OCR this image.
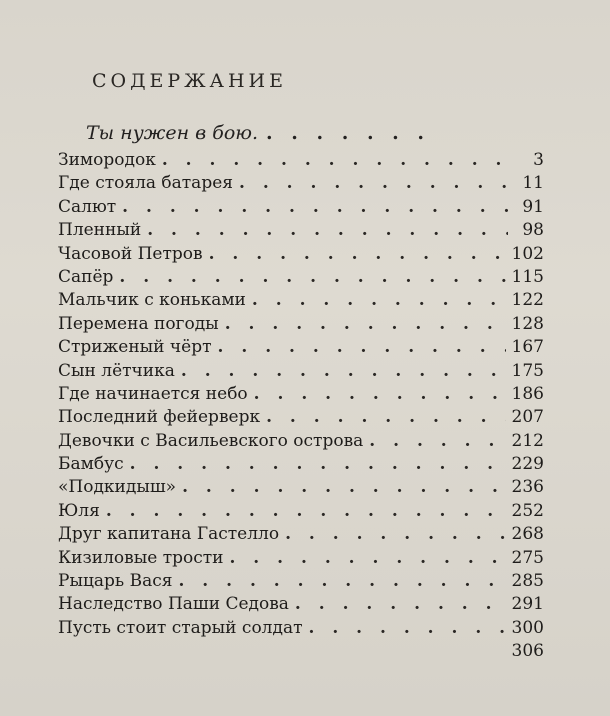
СОДЕРЖАНИЕ
Ты нужен в бою. . . . . . . .
Зимородок . . .	3
Где стояла батарея . . .	11
Салют . . .	91
Пленный . . .	98
Часовой Петров . . .	102
Сапёр . . .	115
Мальчик с коньками . . .	122
Перемена погоды . . .	128
Стриженый чёрт . . .	167
Сын лётчика . . .	175
Где начинается небо . . .	186
Последний фейерверк . . .	207
Девочки с Васильевского острова . . .	212
Бамбус . . .	229
«Подкидыш» . . .	236
Юля . . .	252
Друг капитана Гастелло . . .	268
Кизиловые трости . . .	275
Рыцарь Вася . . .	285
Наследство Паши Седова . . .	291
Пусть стоит старый солдат . . .	300
306
